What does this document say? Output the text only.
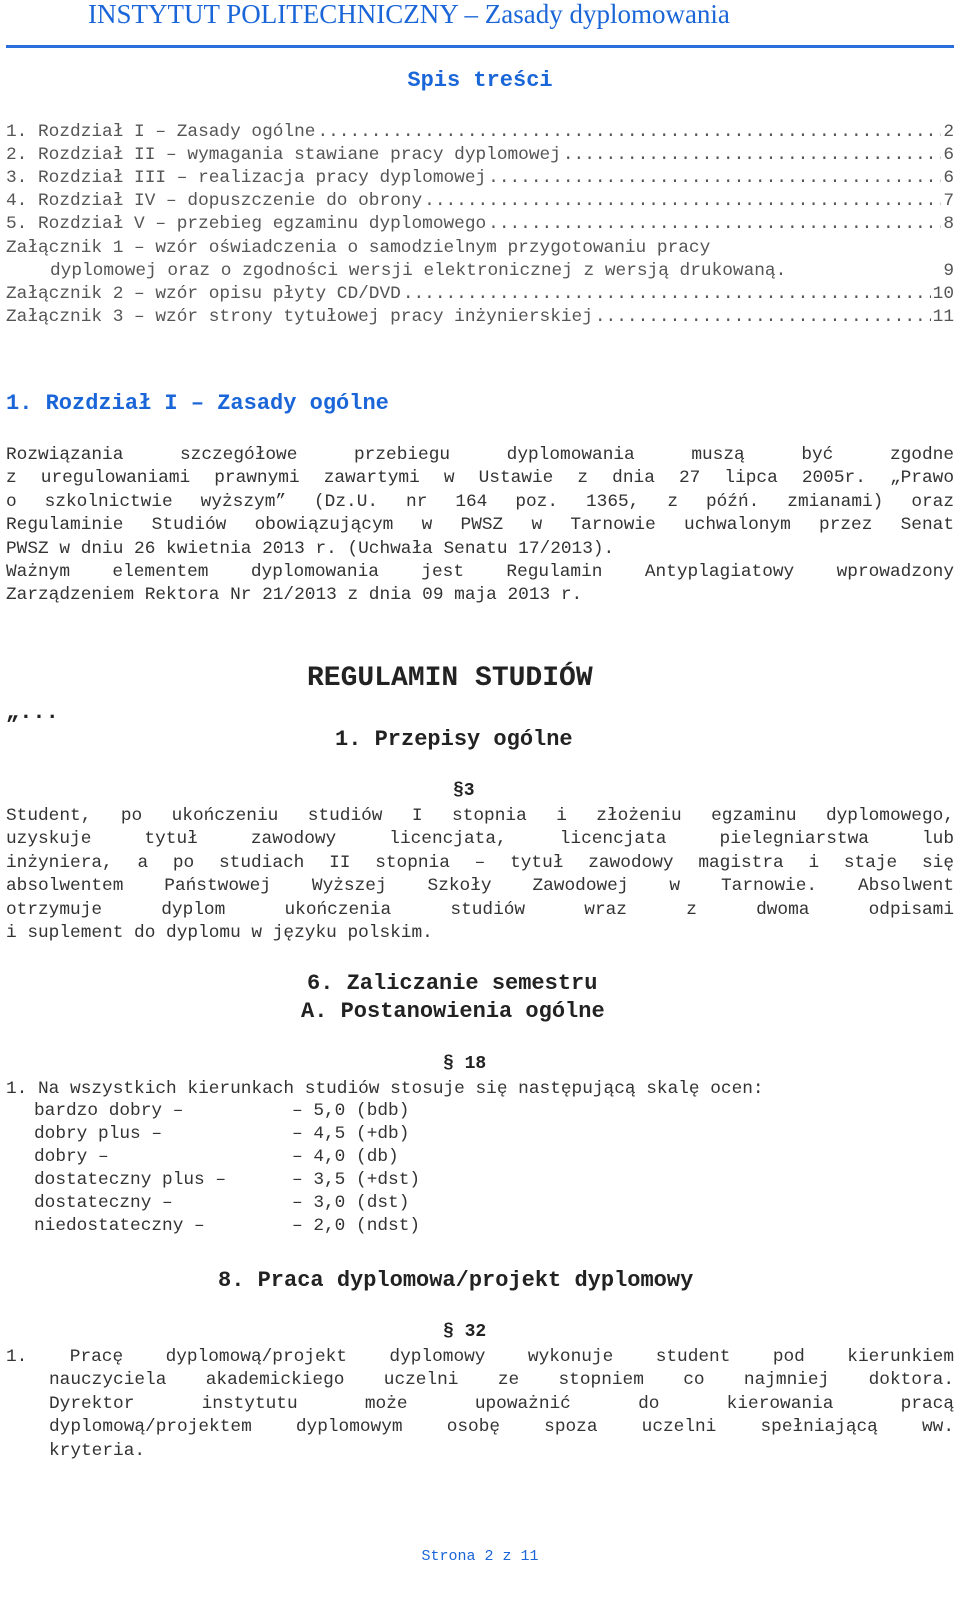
INSTYTUT POLITECHNICZNY – Zasady dyplomowania
Spis treści
1. Rozdział I – Zasady ogólne .....	2
2. Rozdział II – wymagania stawiane pracy dyplomowej .....	6
3. Rozdział III – realizacja pracy dyplomowej .....	6
4. Rozdział IV – dopuszczenie do obrony .....	7
5. Rozdział V – przebieg egzaminu dyplomowego .....	8
Załącznik 1 – wzór oświadczenia o samodzielnym przygotowaniu pracy
dyplomowej oraz o zgodności wersji elektronicznej z wersją drukowaną.	9
Załącznik 2 – wzór opisu płyty CD/DVD .....	10
Załącznik 3 – wzór strony tytułowej pracy inżynierskiej .....	11
1. Rozdział I – Zasady ogólne
Rozwiązania szczegółowe przebiegu dyplomowania muszą być zgodne
z uregulowaniami prawnymi zawartymi w Ustawie z dnia 27 lipca 2005r. „Prawo
o szkolnictwie wyższym” (Dz.U. nr 164 poz. 1365, z późń. zmianami) oraz
Regulaminie Studiów obowiązującym w PWSZ w Tarnowie uchwalonym przez Senat
PWSZ w dniu 26 kwietnia 2013 r. (Uchwała Senatu 17/2013).
Ważnym elementem dyplomowania jest Regulamin Antyplagiatowy wprowadzony
Zarządzeniem Rektora Nr 21/2013 z dnia 09 maja 2013 r.
REGULAMIN STUDIÓW
„...
1. Przepisy ogólne
§3
Student, po ukończeniu studiów I stopnia i złożeniu egzaminu dyplomowego,
uzyskuje tytuł zawodowy licencjata, licencjata pielegniarstwa lub
inżyniera, a po studiach II stopnia – tytuł zawodowy magistra i staje się
absolwentem Państwowej Wyższej Szkoły Zawodowej w Tarnowie. Absolwent
otrzymuje dyplom ukończenia studiów wraz z dwoma odpisami
i suplement do dyplomu w języku polskim.
6. Zaliczanie semestru
A. Postanowienia ogólne
§ 18
1. Na wszystkich kierunkach studiów stosuje się następującą skalę ocen:
bardzo dobry –	– 5,0 (bdb)
dobry plus –	– 4,5 (+db)
dobry –	– 4,0 (db)
dostateczny plus –	– 3,5 (+dst)
dostateczny –	– 3,0 (dst)
niedostateczny –	– 2,0 (ndst)
8. Praca dyplomowa/projekt dyplomowy
§ 32
1. Pracę dyplomową/projekt dyplomowy wykonuje student pod kierunkiem
nauczyciela akademickiego uczelni ze stopniem co najmniej doktora.
Dyrektor instytutu może upoważnić do kierowania pracą
dyplomową/projektem dyplomowym osobę spoza uczelni spełniającą ww.
kryteria.
Strona 2 z 11
